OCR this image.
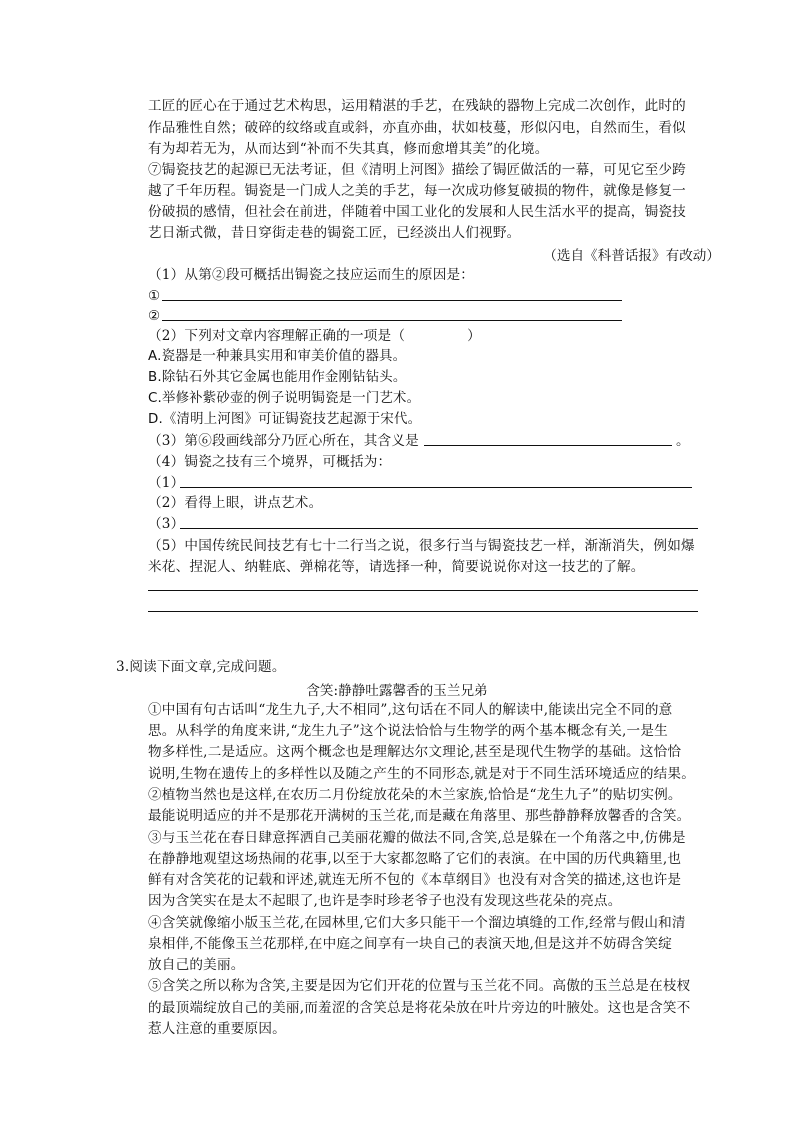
工匠的匠心在于通过艺术构思，运用精湛的手艺，在残缺的器物上完成二次创作，此时的
作品雅性自然；破碎的纹络或直或斜，亦直亦曲，状如枝蔓，形似闪电，自然而生，看似
有为却若无为，从而达到“补而不失其真，修而愈增其美”的化境。
⑦锔瓷技艺的起源已无法考证，但《清明上河图》描绘了锔匠做活的一幕，可见它至少跨
越了千年历程。锔瓷是一门成人之美的手艺，每一次成功修复破损的物件，就像是修复一
份破损的感情，但社会在前进，伴随着中国工业化的发展和人民生活水平的提高，锔瓷技
艺日渐式微，昔日穿街走巷的锔瓷工匠，已经淡出人们视野。
（选自《科普话报》有改动）
（1）从第②段可概括出锔瓷之技应运而生的原因是：
①
②
（2）下列对文章内容理解正确的一项是（	）
A.瓷器是一种兼具实用和审美价值的器具。
B.除钻石外其它金属也能用作金刚钻钻头。
C.举修补紫砂壶的例子说明锔瓷是一门艺术。
D.《清明上河图》可证锔瓷技艺起源于宋代。
（3）第⑥段画线部分乃匠心所在，其含义是	。
（4）锔瓷之技有三个境界，可概括为：
（1）
（2）看得上眼，讲点艺术。
（3）
（5）中国传统民间技艺有七十二行当之说，很多行当与锔瓷技艺一样，渐渐消失，例如爆
米花、捏泥人、纳鞋底、弹棉花等，请选择一种，简要说说你对这一技艺的了解。
3.阅读下面文章,完成问题。
含笑:静静吐露馨香的玉兰兄弟
①中国有句古话叫“龙生九子,大不相同”,这句话在不同人的解读中,能读出完全不同的意
思。从科学的角度来讲,“龙生九子”这个说法恰恰与生物学的两个基本概念有关,一是生
物多样性,二是适应。这两个概念也是理解达尔文理论,甚至是现代生物学的基础。这恰恰
说明,生物在遗传上的多样性以及随之产生的不同形态,就是对于不同生活环境适应的结果。
②植物当然也是这样,在农历二月份绽放花朵的木兰家族,恰恰是“龙生九子”的贴切实例。
最能说明适应的并不是那花开满树的玉兰花,而是藏在角落里、那些静静释放馨香的含笑。
③与玉兰花在春日肆意挥洒自己美丽花瓣的做法不同,含笑,总是躲在一个角落之中,仿佛是
在静静地观望这场热闹的花事,以至于大家都忽略了它们的表演。在中国的历代典籍里,也
鲜有对含笑花的记载和评述,就连无所不包的《本草纲目》也没有对含笑的描述,这也许是
因为含笑实在是太不起眼了,也许是李时珍老爷子也没有发现这些花朵的亮点。
④含笑就像缩小版玉兰花,在园林里,它们大多只能干一个溜边填缝的工作,经常与假山和清
泉相伴,不能像玉兰花那样,在中庭之间享有一块自己的表演天地,但是这并不妨碍含笑绽
放自己的美丽。
⑤含笑之所以称为含笑,主要是因为它们开花的位置与玉兰花不同。高傲的玉兰总是在枝杈
的最顶端绽放自己的美丽,而羞涩的含笑总是将花朵放在叶片旁边的叶腋处。这也是含笑不
惹人注意的重要原因。
